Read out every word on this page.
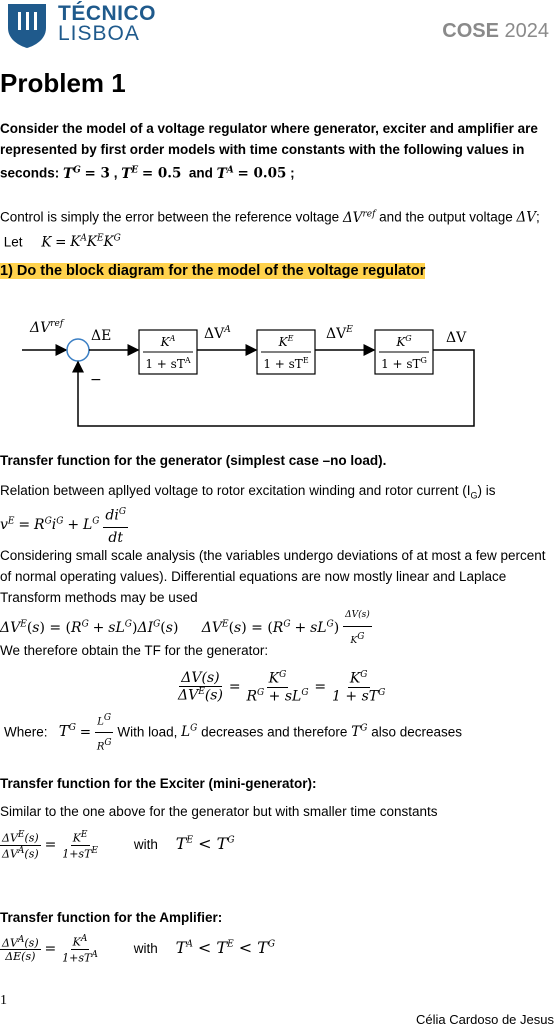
TÉCNICO
LISBOA	COSE 2024
Problem 1
Consider the model of a voltage regulator where generator, exciter and amplifier are represented by first order models with time constants with the following values in seconds: $T^G = 3$ , $T^E = 0.5$  and $T^A = 0.05$ ;
Control is simply the error between the reference voltage $\Delta V^{ref}$ and the output voltage ΔV;  Let $K = K^AK^EK^G$
1) Do the block diagram for the model of the voltage regulator
$\Delta V^{ref}$
ΔE	$K^A$
$1 + sT^A$
$\Delta V^A$
$K^E$
$1 + sT^E$
$\Delta V^E$
$K^G$
$1 + sT^G$
ΔV
−
Transfer function for the generator (simplest case –no load).
Relation between apllyed voltage to rotor excitation winding and rotor current $(I_G)$ is
$v^E = R^Gi^G + L^G \frac{di^G}{dt}$
Considering small scale analysis (the variables undergo deviations of at most a few percent of normal operating values). Differential equations are now mostly linear and Laplace Transform methods may be used
$\Delta V^E(s) = (R^G + sL^G)\Delta I^G(s) \Delta V^E(s) = (R^G + sL^G) \frac{\Delta V(s)}{K^G}$
We therefore obtain the TF for the generator:
$\frac{\Delta V(s)}{\Delta V^E(s)} = \frac{K^G}{R^G + sL^G} = \frac{K^G}{1 + sT^G}$
Where: $T^G = \frac{L^G}{R^G}$ With load, $L^G$ decreases and therefore $T^G$ also decreases
Transfer function for the Exciter (mini-generator):
Similar to the one above for the generator but with smaller time constants
$\frac{\Delta V^E(s)}{\Delta V^A(s)} = \frac{K^E}{1+sT^E}$	with $T^E < T^G$
Transfer function for the Amplifier:
$\frac{\Delta V^A(s)}{\Delta E(s)} = \frac{K^A}{1+sT^A}$	with $T^A < T^E < T^G$
1
Célia Cardoso de Jesus
